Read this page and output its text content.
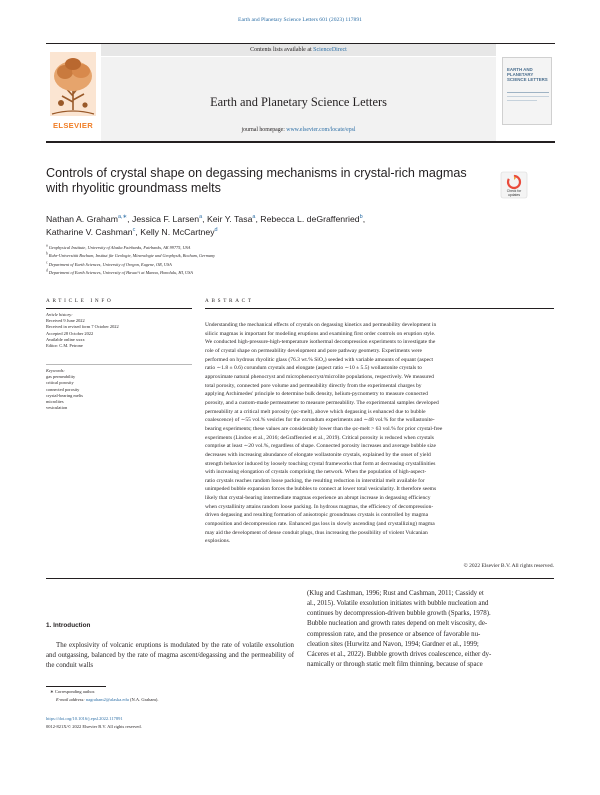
Earth and Planetary Science Letters 601 (2023) 117891
Contents lists available at ScienceDirect
Earth and Planetary Science Letters
journal homepage: www.elsevier.com/locate/epsl
ELSEVIER
EARTH AND PLANETARY SCIENCE LETTERS
Controls of crystal shape on degassing mechanisms in crystal-rich magmas with rhyolitic groundmass melts	Check for updates
Nathan A. Graham$^{a,∗}$, Jessica F. Larsen$^a$, Keir Y. Tasa$^a$, Rebecca L. deGraffenried$^b$,
Katharine V. Cashman$^c$, Kelly N. McCartney$^d$
$^a$ Geophysical Institute, University of Alaska Fairbanks, Fairbanks, AK 99775, USA
$^b$ Ruhr-Universität Bochum, Institut für Geologie, Mineralogie und Geophysik, Bochum, Germany
$^c$ Department of Earth Sciences, University of Oregon, Eugene, OR, USA
$^d$ Department of Earth Sciences, University of Hawaiʻi at Manoa, Honolulu, HI, USA
ARTICLE INFO
Article history:
Received 9 June 2022
Received in revised form 7 October 2022
Accepted 28 October 2022
Available online xxxx
Editor: C.M. Petrone
Keywords:
gas permeability
critical porosity
connected porosity
crystal-bearing melts
microlites
vesiculation
ABSTRACT
Understanding the mechanical effects of crystals on degassing kinetics and permeability development in
silicic magmas is important for modeling eruptions and examining first order controls on eruption style.
We conducted high-pressure-high-temperature isothermal decompression experiments to investigate the
role of crystal shape on permeability development and pore pathway geometry. Experiments were
performed on hydrous rhyolitic glass (76.3 wt.% SiO₂) seeded with variable amounts of equant (aspect
ratio ∼1.8 ± 0.6) corundum crystals and elongate (aspect ratio ∼10 ± 5.5) wollastonite crystals to
approximate natural phenocryst and microphenocryst/microlite populations, respectively. We measured
total porosity, connected pore volume and permeability directly from the experimental charges by
applying Archimedes' principle to determine bulk density, helium-pycnometry to measure connected
porosity, and a custom-made permeameter to measure permeability. The experimental samples developed
permeability at a critical melt porosity (φc-melt), above which degassing is enhanced due to bubble
coalescence) of ∼55 vol.% vesicles for the corundum experiments and ∼48 vol.% for the wollastonite-
bearing experiments; these values are considerably lower than the φc-melt > 63 vol.% for prior crystal-free
experiments (Lindoo et al., 2016; deGraffenried et al., 2019). Critical porosity is reduced when crystals
comprise at least ∼20 vol.%, regardless of shape. Connected porosity increases and average bubble size
decreases with increasing abundance of elongate wollastonite crystals, explained by the onset of yield
strength behavior induced by loosely touching crystal frameworks that form at decreasing crystallinities
with increasing elongation of crystals comprising the network. When the population of high-aspect-
ratio crystals reaches random loose packing, the resulting reduction in interstitial melt available for
unimpeded bubble expansion forces the bubbles to connect at lower total vesicularity. It therefore seems
likely that crystal-bearing intermediate magmas experience an abrupt increase in degassing efficiency
when crystallinity attains random loose packing. In hydrous magmas, the efficiency of decompression-
driven degassing and resulting formation of anisotropic groundmass crystals is controlled by magma
composition and decompression rate. Enhanced gas loss in slowly ascending (and crystallizing) magma
may aid the development of dense conduit plugs, thus increasing the possibility of violent Vulcanian
explosions.
© 2022 Elsevier B.V. All rights reserved.
1. Introduction
The explosivity of volcanic eruptions is modulated by the rate of volatile exsolution and outgassing, balanced by the rate of magma ascent/degassing and the permeability of the conduit walls
(Klug and Cashman, 1996; Rust and Cashman, 2011; Cassidy et
al., 2015). Volatile exsolution initiates with bubble nucleation and
continues by decompression-driven bubble growth (Sparks, 1978).
Bubble nucleation and growth rates depend on melt viscosity, de-
compression rate, and the presence or absence of favorable nu-
cleation sites (Hurwitz and Navon, 1994; Gardner et al., 1999;
Cáceres et al., 2022). Bubble growth drives coalescence, either dy-
namically or through static melt film thinning, because of space
∗ Corresponding author.
E-mail address: nagraham2@alaska.edu (N.A. Graham).
https://doi.org/10.1016/j.epsl.2022.117891
0012-821X/© 2022 Elsevier B.V. All rights reserved.
